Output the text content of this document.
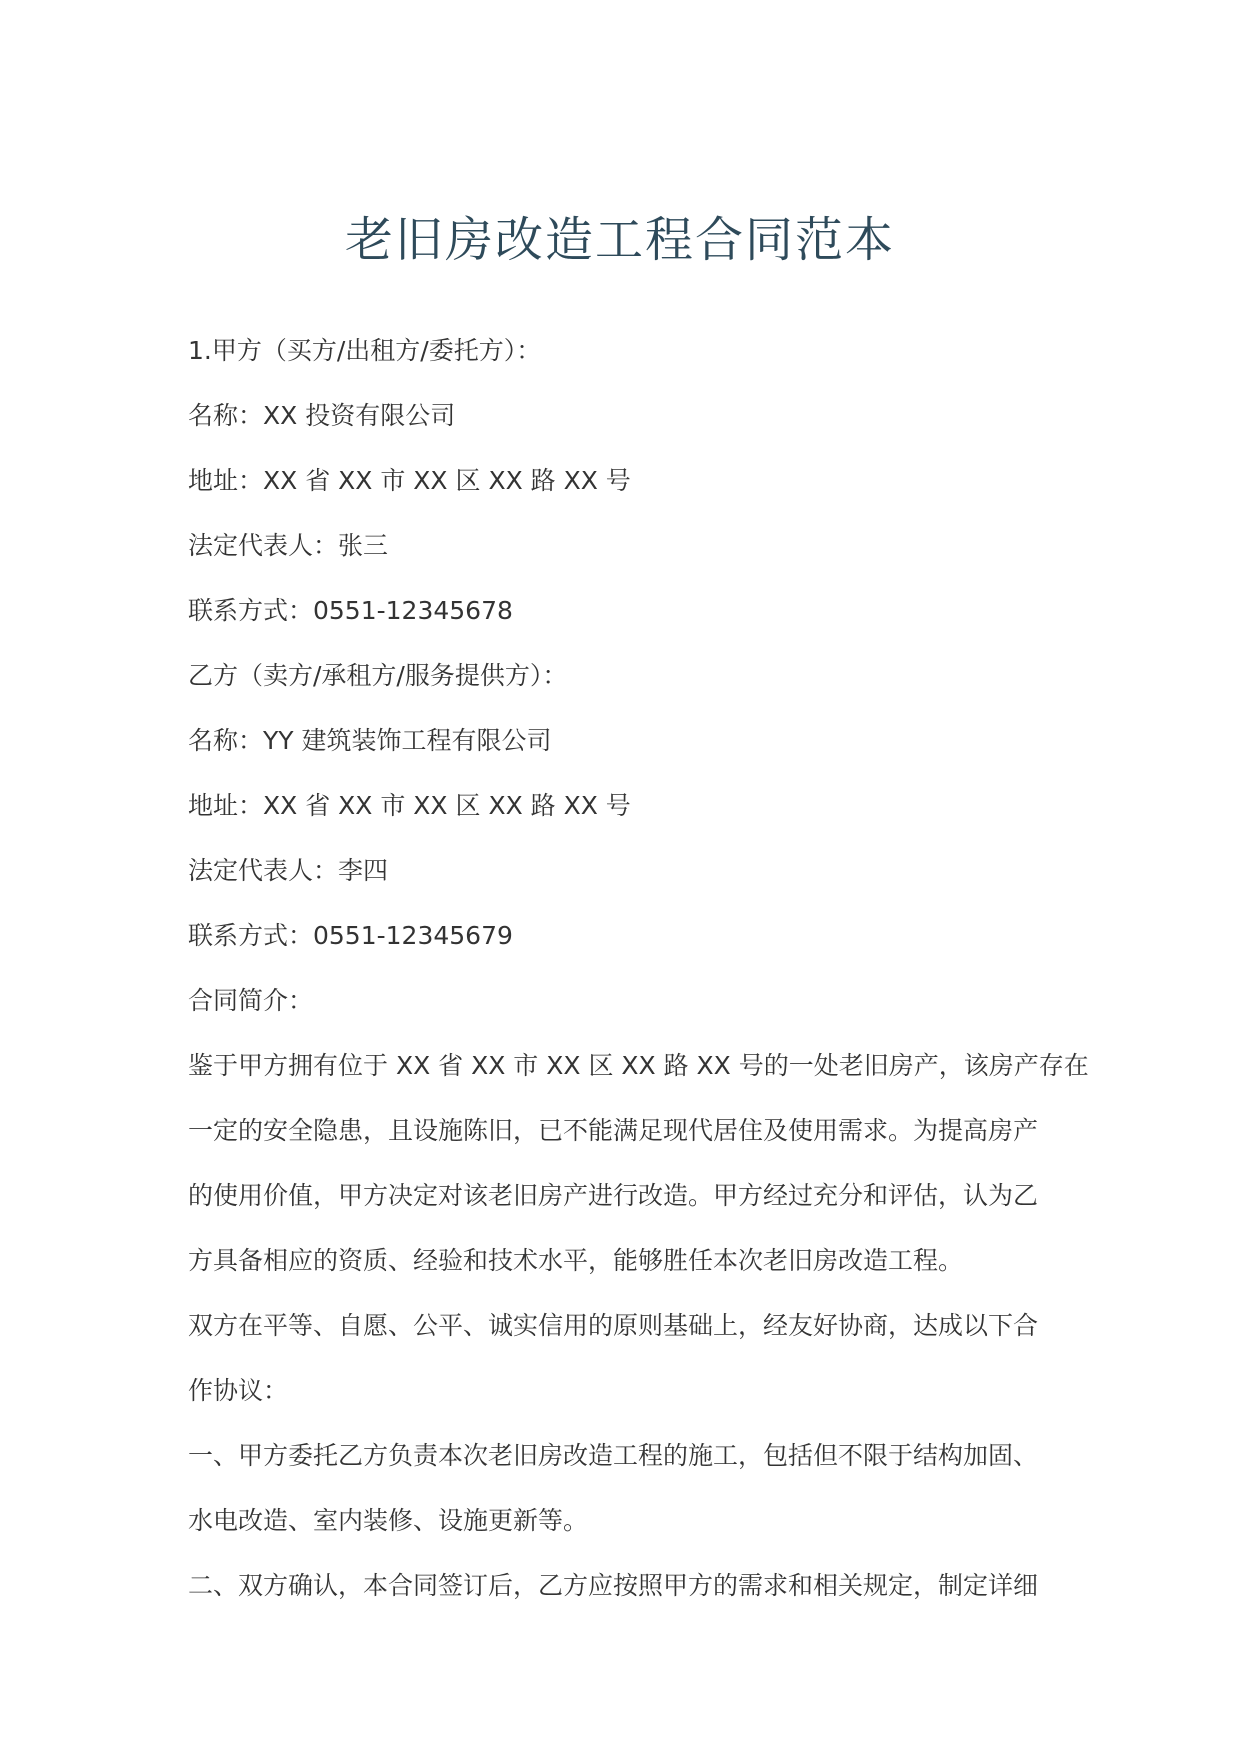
老旧房改造工程合同范本
1.甲方（买方/出租方/委托方）：
名称：XX 投资有限公司
地址：XX 省 XX 市 XX 区 XX 路 XX 号
法定代表人：张三
联系方式：0551-12345678
乙方（卖方/承租方/服务提供方）：
名称：YY 建筑装饰工程有限公司
地址：XX 省 XX 市 XX 区 XX 路 XX 号
法定代表人：李四
联系方式：0551-12345679
合同简介：
鉴于甲方拥有位于 XX 省 XX 市 XX 区 XX 路 XX 号的一处老旧房产，该房产存在
一定的安全隐患，且设施陈旧，已不能满足现代居住及使用需求。为提高房产
的使用价值，甲方决定对该老旧房产进行改造。甲方经过充分和评估，认为乙
方具备相应的资质、经验和技术水平，能够胜任本次老旧房改造工程。
双方在平等、自愿、公平、诚实信用的原则基础上，经友好协商，达成以下合
作协议：
一、甲方委托乙方负责本次老旧房改造工程的施工，包括但不限于结构加固、
水电改造、室内装修、设施更新等。
二、双方确认，本合同签订后，乙方应按照甲方的需求和相关规定，制定详细
